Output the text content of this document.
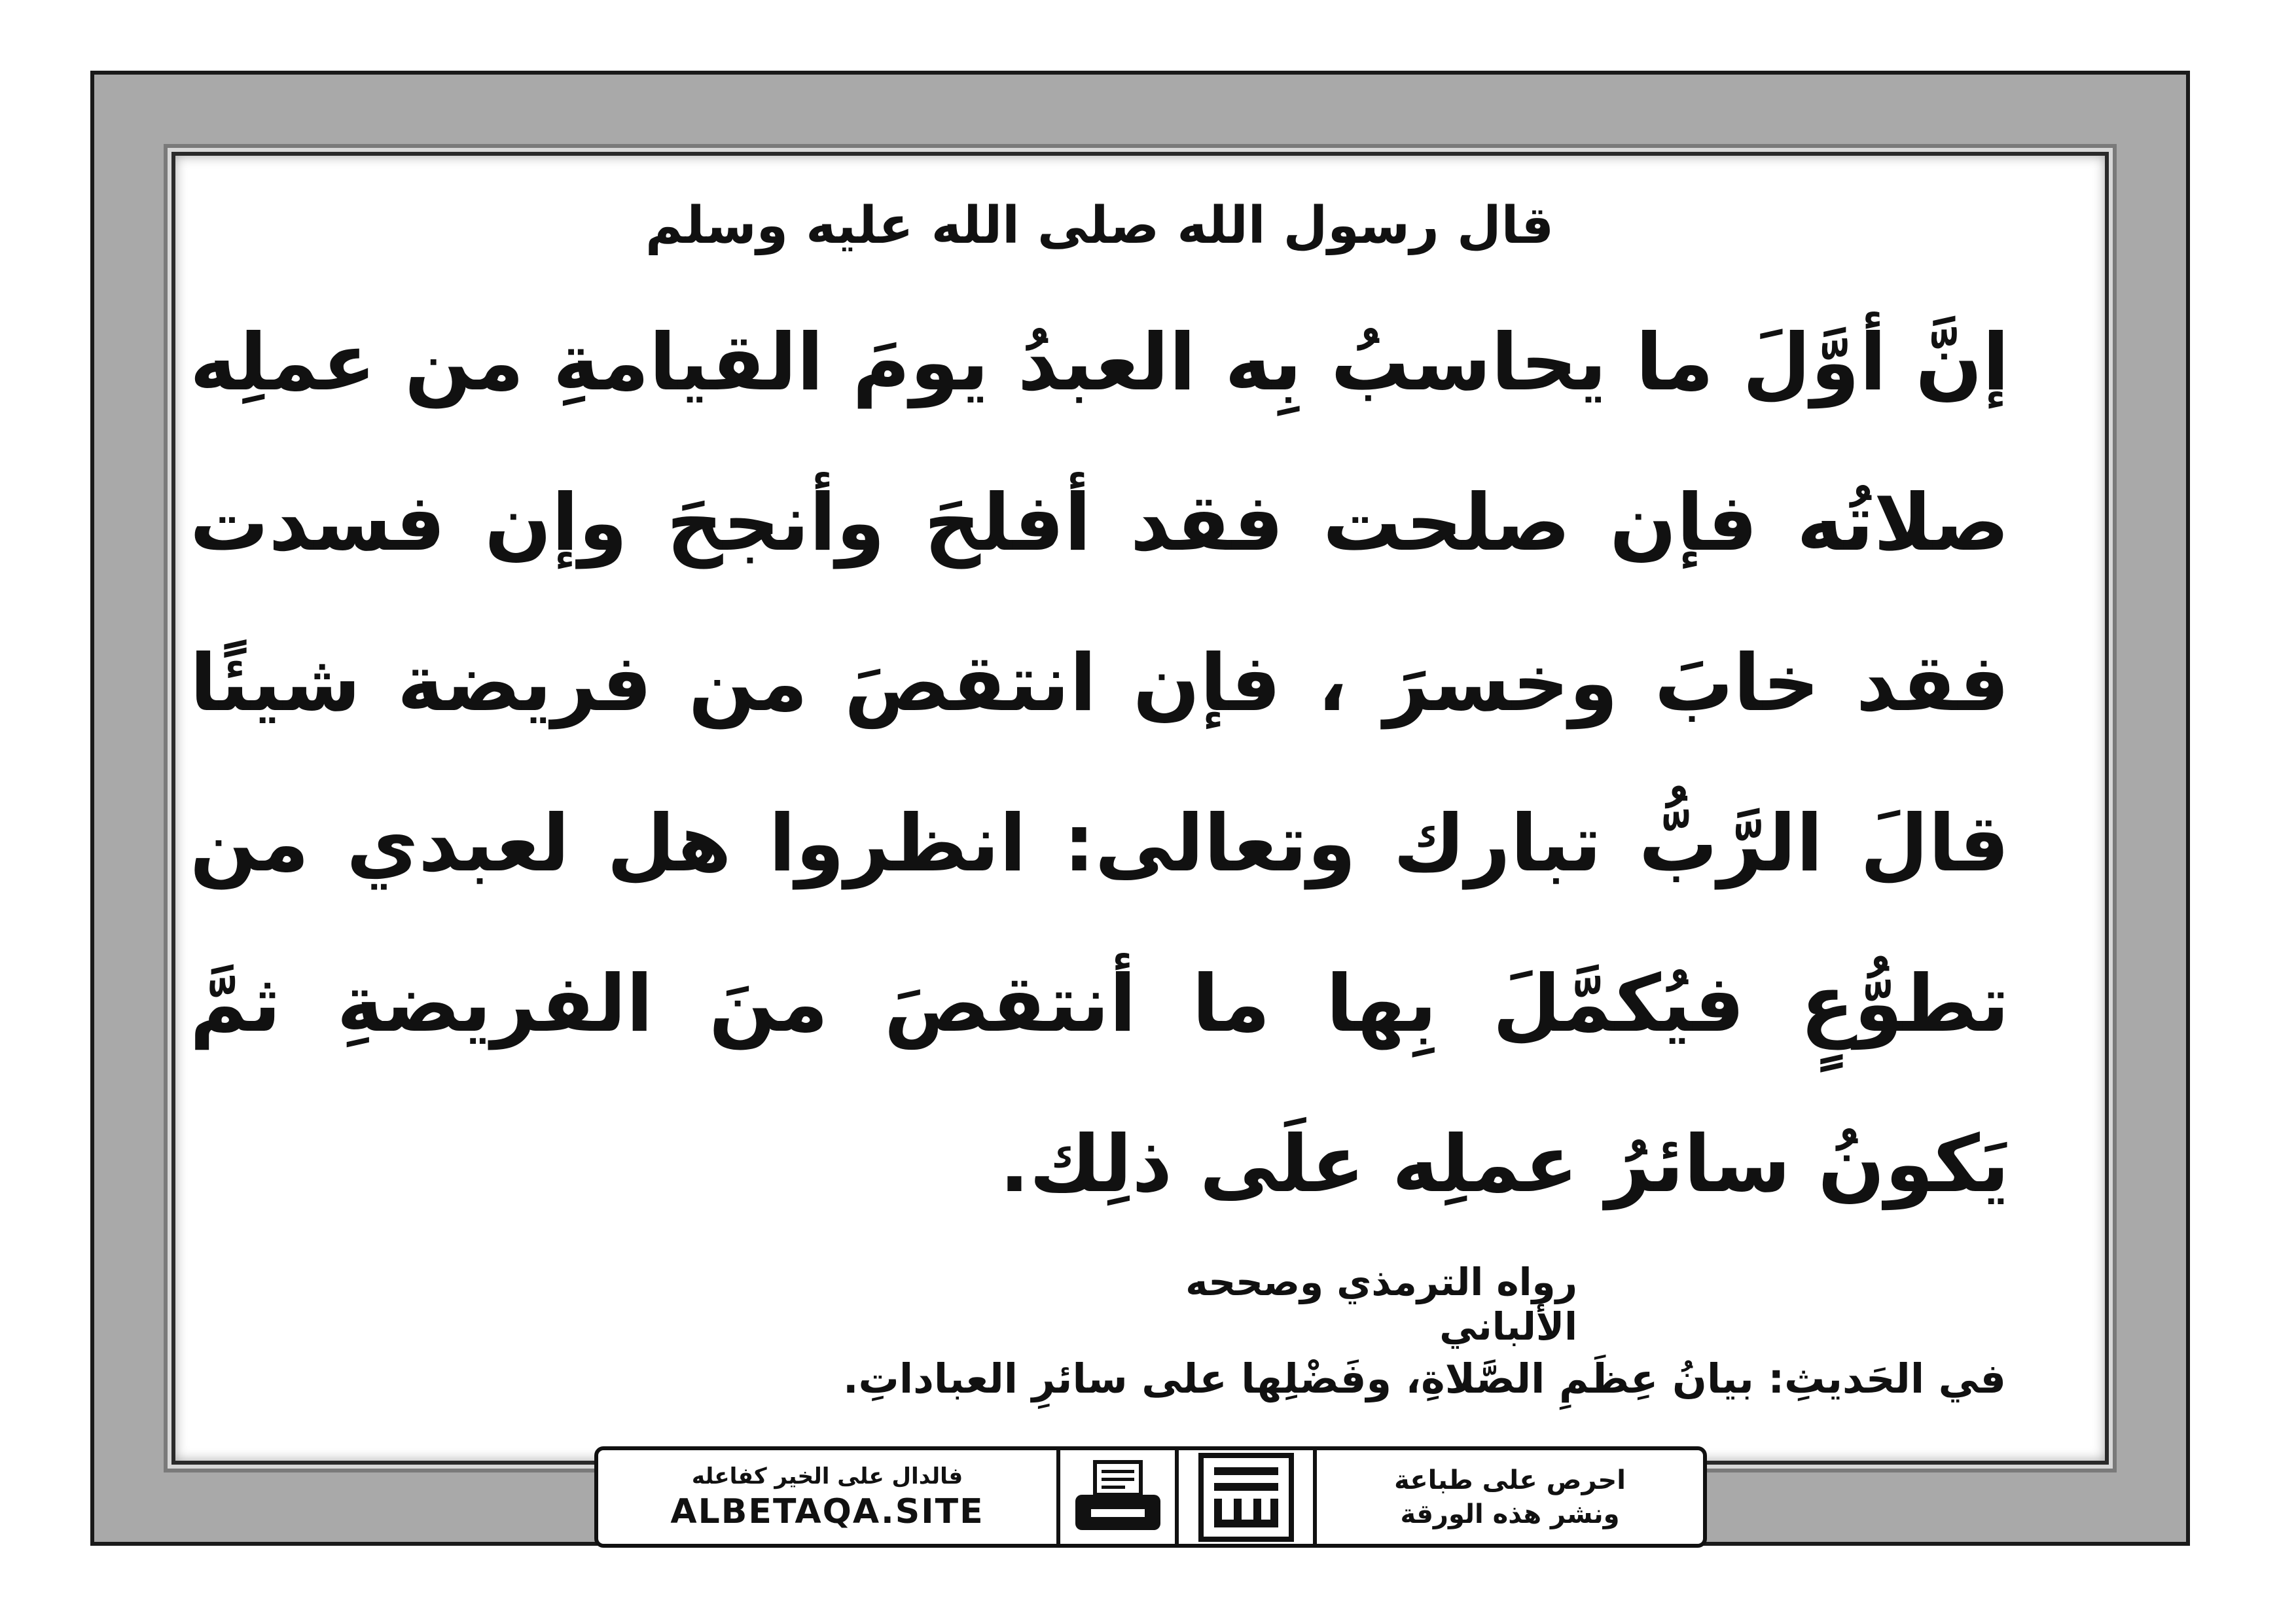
قال رسول الله صلى الله عليه وسلم

إنَّ أوَّلَ ما يحاسبُ بِه العبدُ يومَ القيامةِ من عملِه صلاتُه فإن صلحت فقد أفلحَ وأنجحَ وإن فسدت فقد خابَ وخسرَ ، فإن انتقصَ من فريضة شيئًا قالَ الرَّبُّ تبارك وتعالى: انظروا هل لعبدي من تطوُّعٍ فيُكمَّلَ بِها ما أنتقصَ منَ الفريضةِ ثمَّ يَكونُ سائرُ عملِه علَى ذلِك.

رواه الترمذي وصححه الألباني
في الحَديثِ: بيانُ عِظَمِ الصَّلاةِ، وفَضْلِها على سائرِ العباداتِ.
احرص على طباعة
ونشر هذه الورقة
فالدال على الخير كفاعله
ALBETAQA.SITE
